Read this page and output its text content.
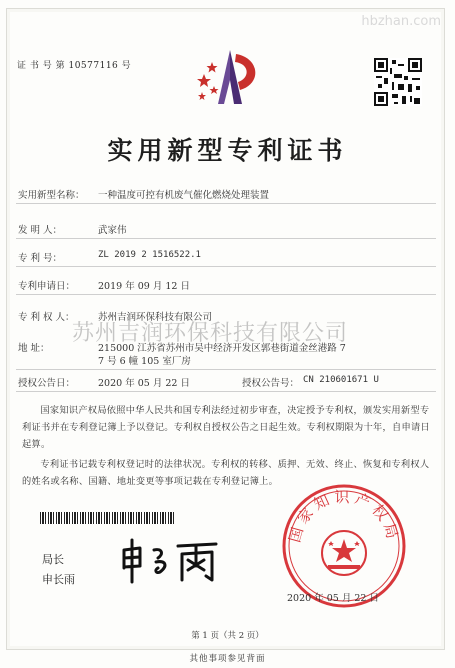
hbzhan.com
证 书 号 第 10577116 号
实用新型专利证书
实用新型名称： 一种温度可控有机废气催化燃烧处理装置
发 明 人：	武家伟
专 利 号：	ZL 2019 2 1516522.1
专利申请日： 2019 年 09 月 12 日
专 利 权 人： 苏州吉润环保科技有限公司
苏州吉润环保科技有限公司
地 址：	215000 江苏省苏州市吴中经济开发区郭巷街道金丝港路 7
7 号 6 幢 105 室厂房
授权公告日： 2020 年 05 月 22 日	授权公告号： CN 210601671 U
国家知识产权局依照中华人民共和国专利法经过初步审查，决定授予专利权，颁发实用新型专利证书并在专利登记簿上予以登记。专利权自授权公告之日起生效。专利权期限为十年，自申请日起算。
专利证书记载专利权登记时的法律状况。专利权的转移、质押、无效、终止、恢复和专利权人的姓名或名称、国籍、地址变更等事项记载在专利登记簿上。
局长
申长雨
国家知识产权局
2020 年 05 月 22 日
第 1 页（共 2 页）
其他事项参见背面
